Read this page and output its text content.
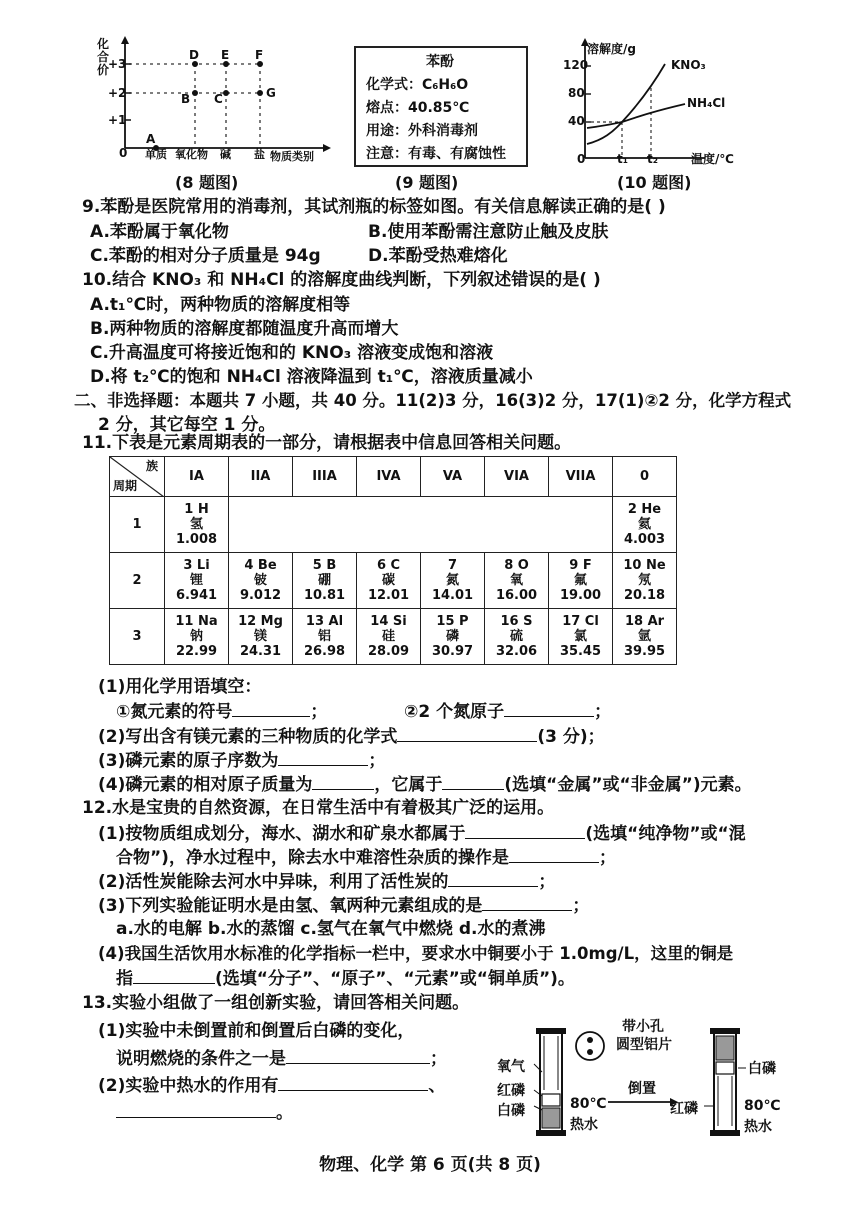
化合价
+3
+2
+1
0 单质 氧化物 碱 盐 物质类别
A
B C
D E F
G
(8 题图)
苯酚
化学式：C₆H₆O
熔点：40.85℃
用途：外科消毒剂
注意：有毒、有腐蚀性
(9 题图)
溶解度/g
120
80
40
0	t₁ t₂	温度/℃
KNO₃
NH₄Cl
(10 题图)
9.苯酚是医院常用的消毒剂，其试剂瓶的标签如图。有关信息解读正确的是( )
A.苯酚属于氧化物	B.使用苯酚需注意防止触及皮肤
C.苯酚的相对分子质量是 94g	D.苯酚受热难熔化
10.结合 KNO₃ 和 NH₄Cl 的溶解度曲线判断，下列叙述错误的是( )
A.t₁℃时，两种物质的溶解度相等
B.两种物质的溶解度都随温度升高而增大
C.升高温度可将接近饱和的 KNO₃ 溶液变成饱和溶液
D.将 t₂℃的饱和 NH₄Cl 溶液降温到 t₁℃，溶液质量减小
二、非选择题：本题共 7 小题，共 40 分。11(2)3 分，16(3)2 分，17(1)②2 分，化学方程式
2 分，其它每空 1 分。
11.下表是元素周期表的一部分，请根据表中信息回答相关问题。
族
周期	IA	IIA	IIIA	IVA	VA	VIA	VIIA	0
1	1 H
氢
1.008							2 He
氦
4.003

2	3 Li
锂
6.941	4 Be
铍
9.012	5 B
硼
10.81	6 C
碳
12.01	7
氮
14.01	8 O
氧
16.00	9 F
氟
19.00	10 Ne
氖
20.18

3	11 Na
钠
22.99	12 Mg
镁
24.31	13 Al
铝
26.98	14 Si
硅
28.09	15 P
磷
30.97	16 S
硫
32.06	17 Cl
氯
35.45	18 Ar
氩
39.95
(1)用化学用语填空：
①氮元素的符号	；	②2 个氮原子	；
(2)写出含有镁元素的三种物质的化学式	(3 分)；
(3)磷元素的原子序数为	；
(4)磷元素的相对原子质量为	，它属于	(选填“金属”或“非金属”)元素。
12.水是宝贵的自然资源，在日常生活中有着极其广泛的运用。
(1)按物质组成划分，海水、湖水和矿泉水都属于	(选填“纯净物”或“混
合物”)，净水过程中，除去水中难溶性杂质的操作是	；
(2)活性炭能除去河水中异味，利用了活性炭的	；
(3)下列实验能证明水是由氢、氧两种元素组成的是	；
a.水的电解 b.水的蒸馏 c.氢气在氧气中燃烧 d.水的煮沸
(4)我国生活饮用水标准的化学指标一栏中，要求水中铜要小于 1.0mg/L，这里的铜是
指	(选填“分子”、“原子”、“元素”或“铜单质”)。
13.实验小组做了一组创新实验，请回答相关问题。
(1)实验中未倒置前和倒置后白磷的变化，
说明燃烧的条件之一是	；
(2)实验中热水的作用有	、
。
氧气
红磷
白磷	80℃
热水
带小孔
圆型铝片
倒置
白磷
红磷	80℃
热水
物理、化学 第 6 页(共 8 页)
